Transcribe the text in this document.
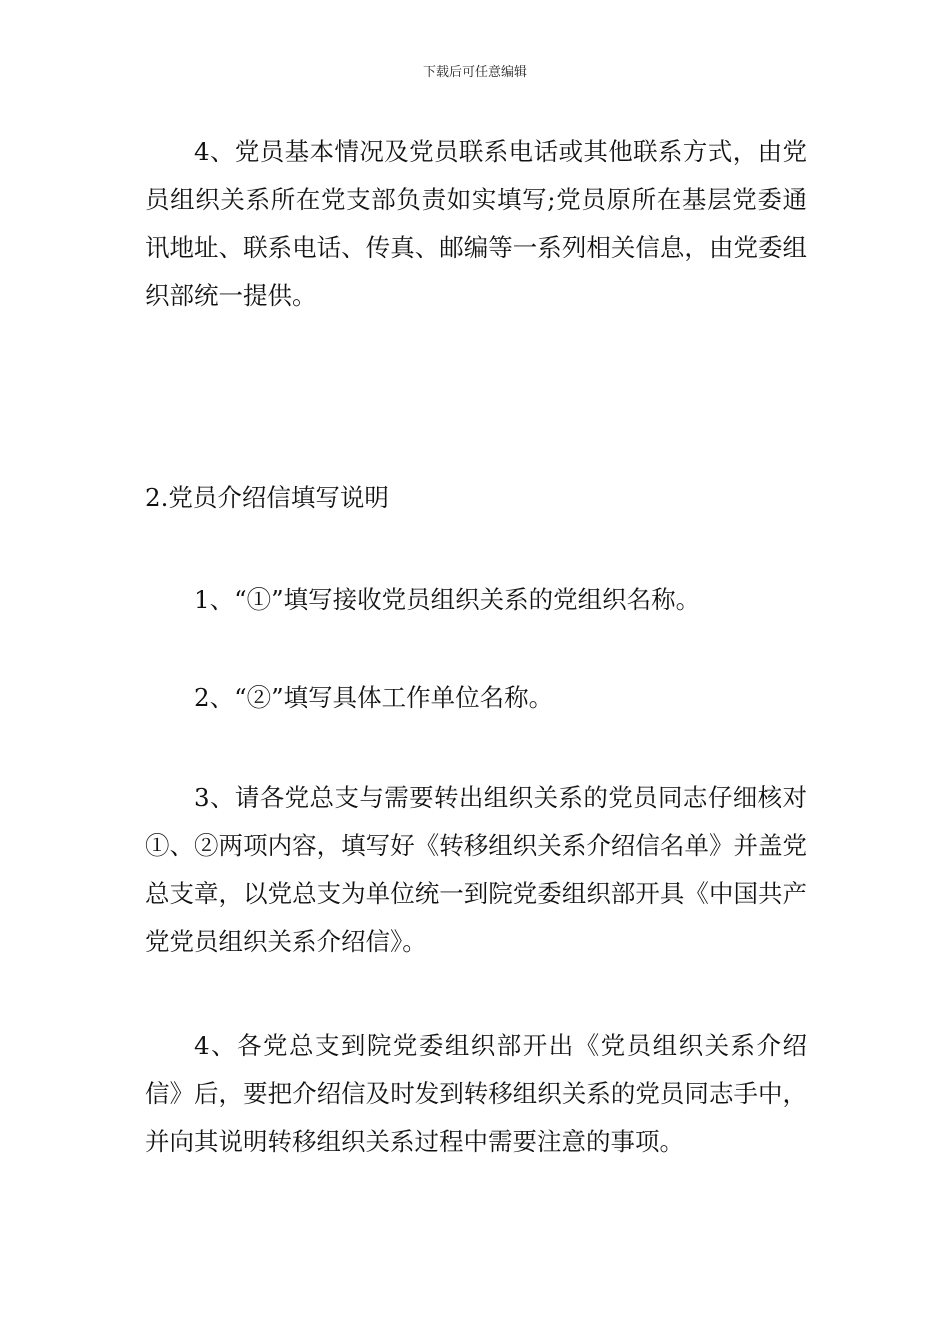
下载后可任意编辑

4、党员基本情况及党员联系电话或其他联系方式，由党员组织关系所在党支部负责如实填写;党员原所在基层党委通讯地址、联系电话、传真、邮编等一系列相关信息，由党委组织部统一提供。

2.党员介绍信填写说明

1、“①”填写接收党员组织关系的党组织名称。

2、“②”填写具体工作单位名称。

3、请各党总支与需要转出组织关系的党员同志仔细核对①、②两项内容，填写好《转移组织关系介绍信名单》并盖党总支章，以党总支为单位统一到院党委组织部开具《中国共产党党员组织关系介绍信》。

4、各党总支到院党委组织部开出《党员组织关系介绍信》后，要把介绍信及时发到转移组织关系的党员同志手中，并向其说明转移组织关系过程中需要注意的事项。
